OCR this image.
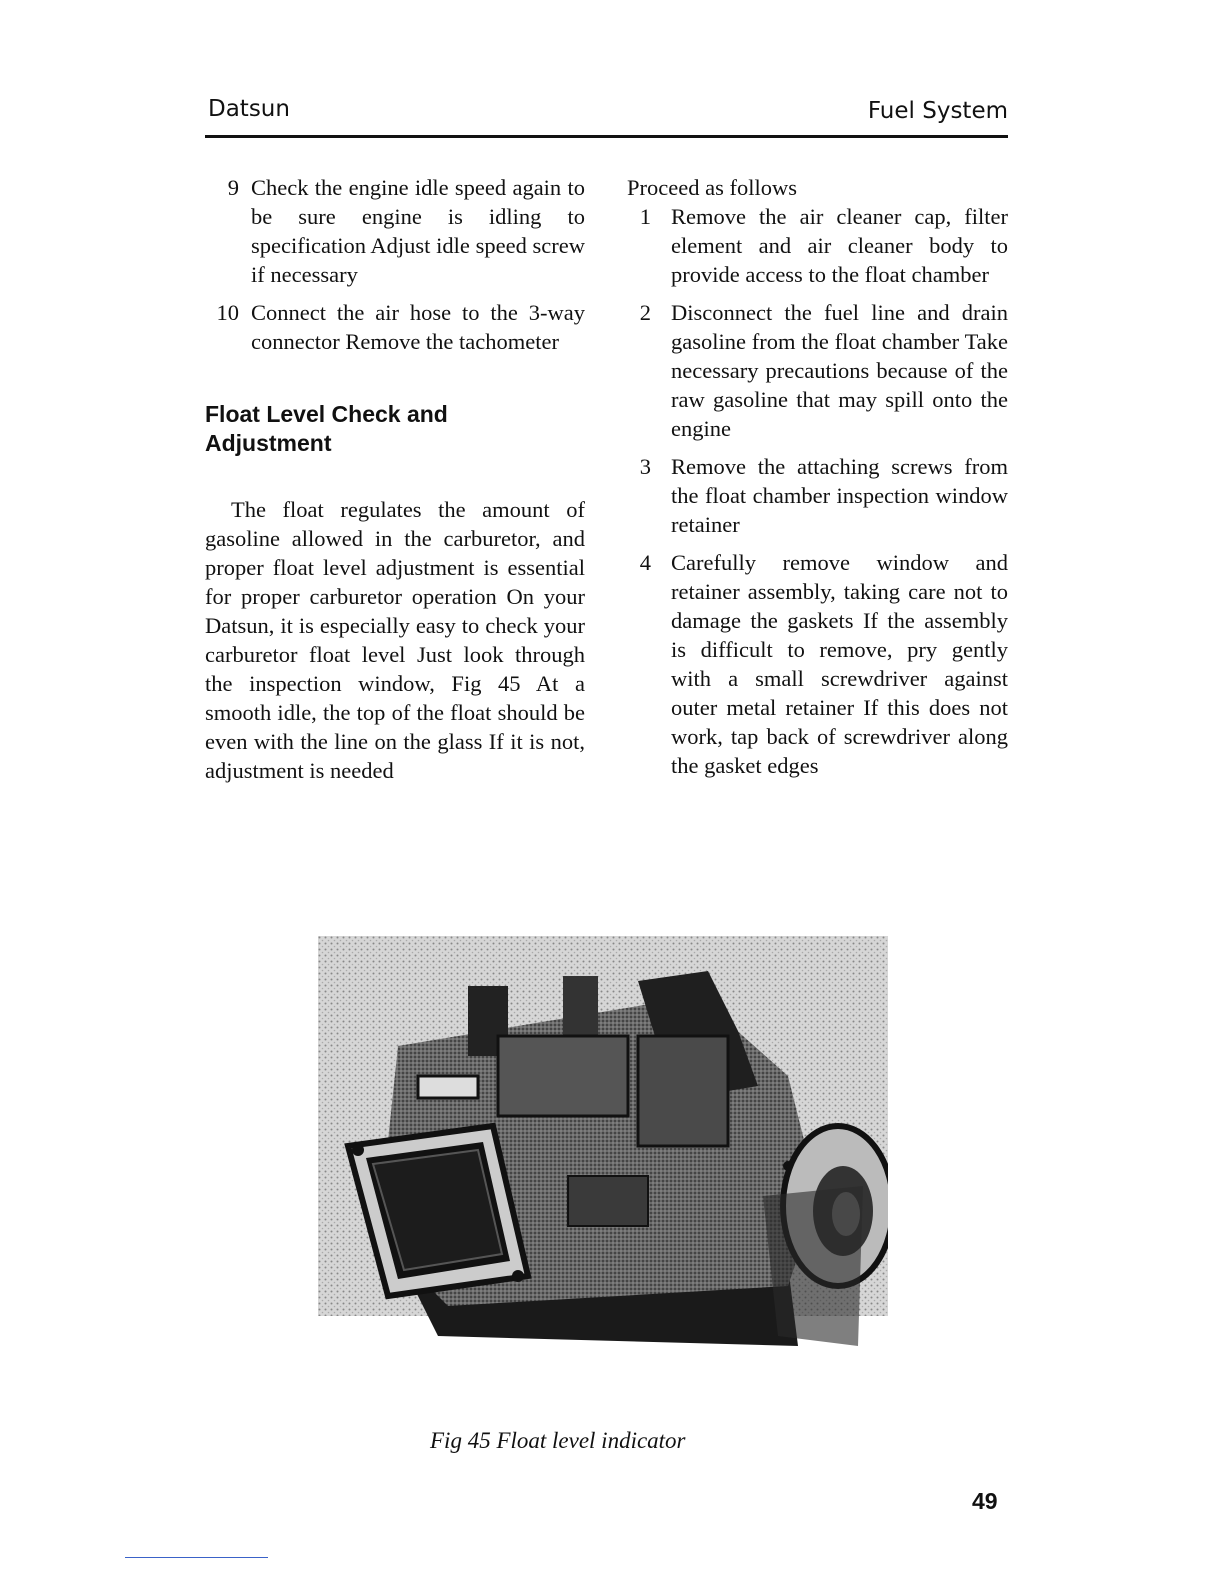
Datsun	Fuel System
9 Check the engine idle speed again to be sure engine is idling to specification Adjust idle speed screw if necessary
10 Connect the air hose to the 3-way connector Remove the tachometer
Float Level Check and Adjustment
The float regulates the amount of gasoline allowed in the carburetor, and proper float level adjustment is essential for proper carburetor operation On your Datsun, it is especially easy to check your carburetor float level Just look through the inspection window, Fig 45 At a smooth idle, the top of the float should be even with the line on the glass If it is not, adjustment is needed
Proceed as follows
1 Remove the air cleaner cap, filter element and air cleaner body to provide access to the float chamber
2 Disconnect the fuel line and drain gasoline from the float chamber Take necessary precautions because of the raw gasoline that may spill onto the engine
3 Remove the attaching screws from the float chamber inspection window retainer
4 Carefully remove window and retainer assembly, taking care not to damage the gaskets If the assembly is difficult to remove, pry gently with a small screwdriver against outer metal retainer If this does not work, tap back of screwdriver along the gasket edges
Fig 45 Float level indicator
49
